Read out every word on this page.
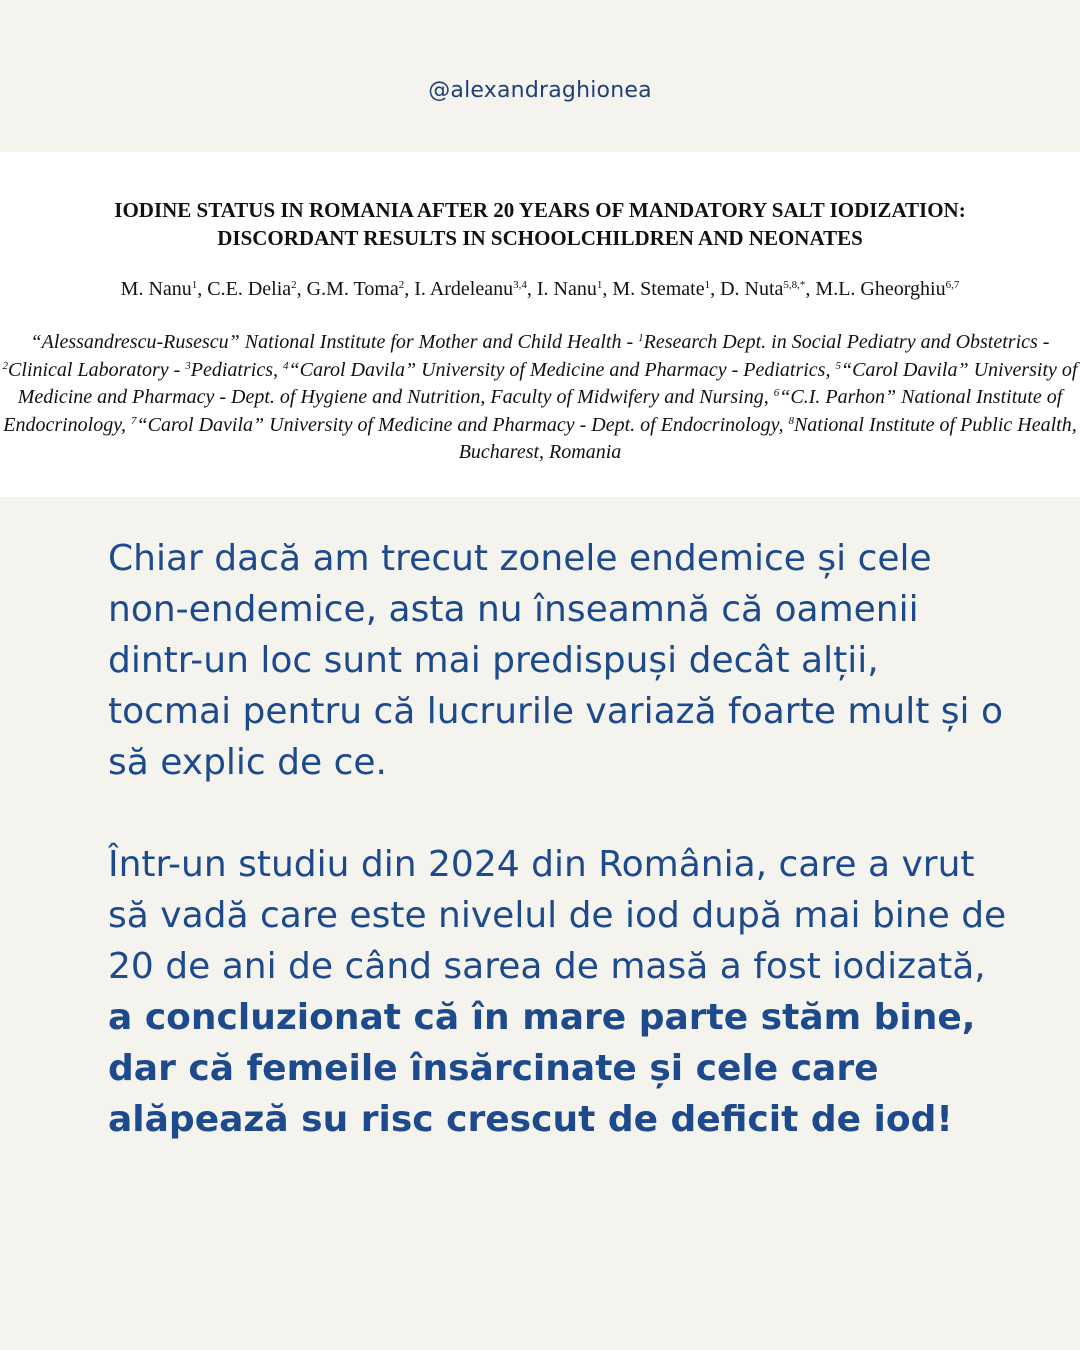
@alexandraghionea
IODINE STATUS IN ROMANIA AFTER 20 YEARS OF MANDATORY SALT IODIZATION:
DISCORDANT RESULTS IN SCHOOLCHILDREN AND NEONATES
M. Nanu$^1$, C.E. Delia$^2$, G.M. Toma$^2$, I. Ardeleanu$^{3,4}$, I. Nanu$^1$, M. Stemate$^1$, D. Nuta$^{5,8,*}$, M.L. Gheorghiu$^{6,7}$
“Alessandrescu-Rusescu” National Institute for Mother and Child Health - $^1$Research Dept. in Social Pediatry and Obstetrics - $^2$Clinical Laboratory - $^3$Pediatrics, $^4$“Carol Davila” University of Medicine and Pharmacy - Pediatrics, $^5$“Carol Davila” University of Medicine and Pharmacy - Dept. of Hygiene and Nutrition, Faculty of Midwifery and Nursing, $^6$“C.I. Parhon” National Institute of Endocrinology, $^7$“Carol Davila” University of Medicine and Pharmacy - Dept. of Endocrinology, $^8$National Institute of Public Health, Bucharest, Romania

Chiar dacă am trecut zonele endemice și cele non-endemice, asta nu înseamnă că oamenii dintr-un loc sunt mai predispuși decât alții, tocmai pentru că lucrurile variază foarte mult și o să explic de ce.

Într-un studiu din 2024 din România, care a vrut să vadă care este nivelul de iod după mai bine de 20 de ani de când sarea de masă a fost iodizată, a concluzionat că în mare parte stăm bine, dar că femeile însărcinate și cele care alăpează su risc crescut de deficit de iod!
